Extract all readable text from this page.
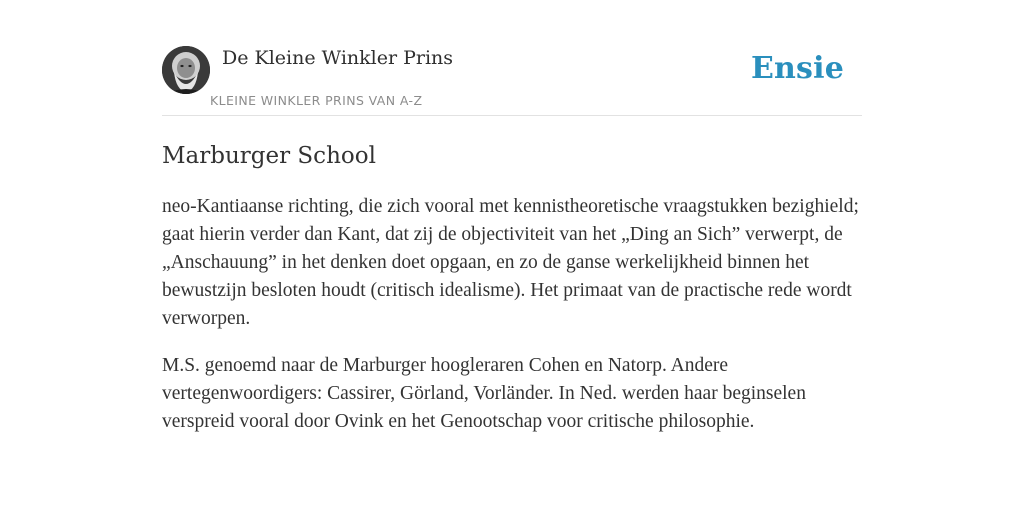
De Kleine Winkler Prins
KLEINE WINKLER PRINS VAN A-Z
Ensie
Marburger School

neo-Kantiaanse richting, die zich vooral met kennistheoretische vraagstukken bezighield; gaat hierin verder dan Kant, dat zij de objectiviteit van het „Ding an Sich” verwerpt, de „Anschauung” in het denken doet opgaan, en zo de ganse werkelijkheid binnen het bewustzijn besloten houdt (critisch idealisme). Het primaat van de practische rede wordt verworpen.

M.S. genoemd naar de Marburger hoogleraren Cohen en Natorp. Andere vertegenwoordigers: Cassirer, Görland, Vorländer. In Ned. werden haar beginselen verspreid vooral door Ovink en het Genootschap voor critische philosophie.
